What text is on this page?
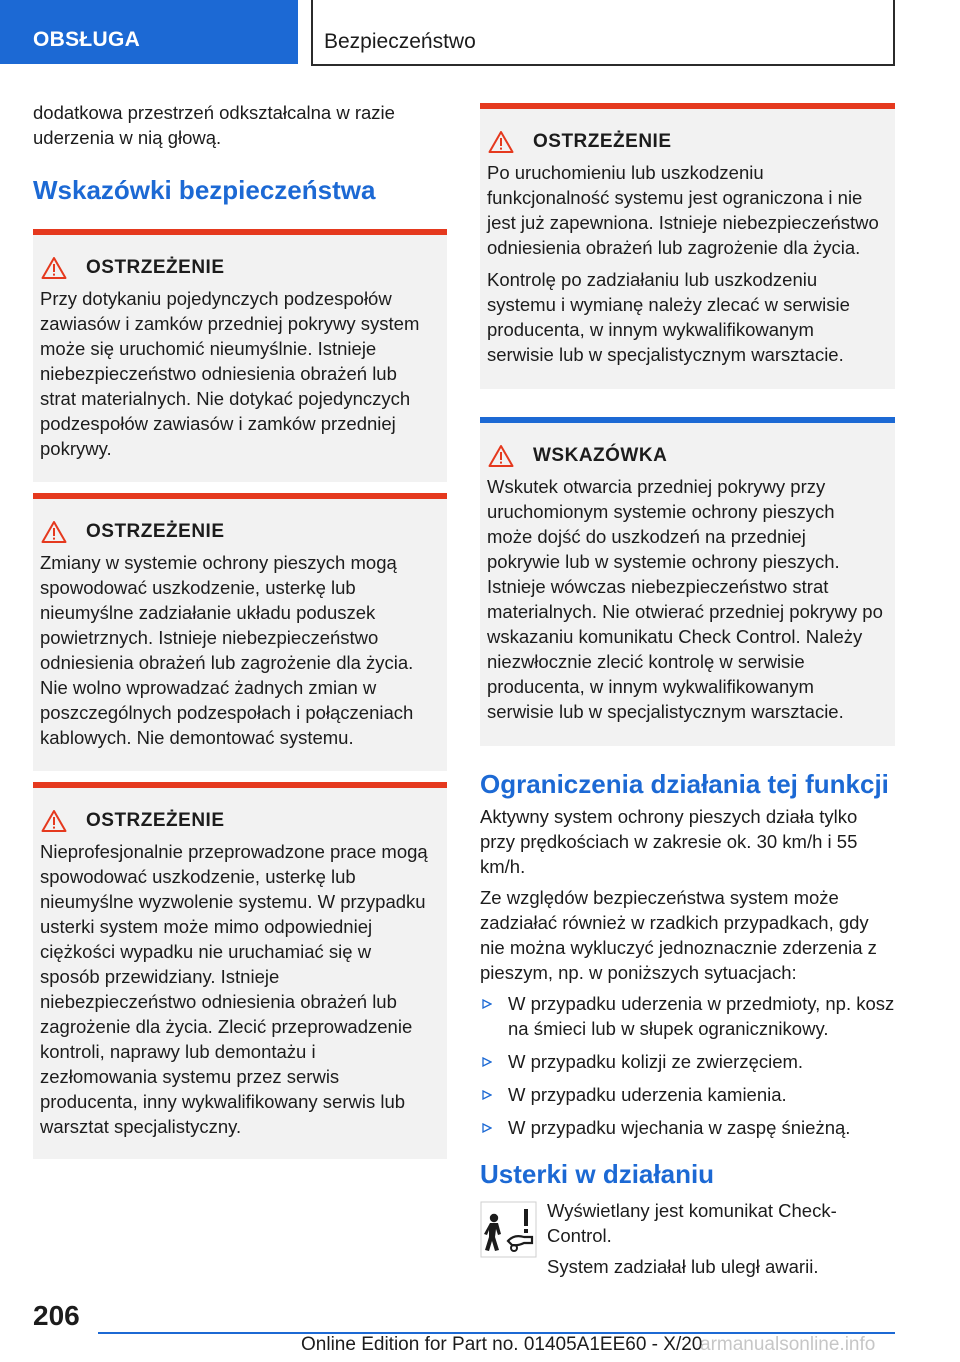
OBSŁUGA	Bezpieczeństwo

dodatkowa przestrzeń odkształcalna w razie uderzenia w nią głową.

Wskazówki bezpieczeństwa
OSTRZEŻENIE

Przy dotykaniu pojedynczych podzespołów zawiasów i zamków przedniej pokrywy system może się uruchomić nieumyślnie. Istnieje niebezpieczeństwo odniesienia obrażeń lub strat materialnych. Nie dotykać pojedynczych podzespołów zawiasów i zamków przedniej pokrywy.

OSTRZEŻENIE

Zmiany w systemie ochrony pieszych mogą spowodować uszkodzenie, usterkę lub nieumyślne zadziałanie układu poduszek powietrznych. Istnieje niebezpieczeństwo odniesienia obrażeń lub zagrożenie dla życia. Nie wolno wprowadzać żadnych zmian w poszczególnych podzespołach i połączeniach kablowych. Nie demontować systemu.

OSTRZEŻENIE

Nieprofesjonalnie przeprowadzone prace mogą spowodować uszkodzenie, usterkę lub nieumyślne wyzwolenie systemu. W przypadku usterki system może mimo odpowiedniej ciężkości wypadku nie uruchamiać się w sposób przewidziany. Istnieje niebezpieczeństwo odniesienia obrażeń lub zagrożenie dla życia. Zlecić przeprowadzenie kontroli, naprawy lub demontażu i zezłomowania systemu przez serwis producenta, inny wykwalifikowany serwis lub warsztat specjalistyczny.

OSTRZEŻENIE

Po uruchomieniu lub uszkodzeniu funkcjonalność systemu jest ograniczona i nie jest już zapewniona. Istnieje niebezpieczeństwo odniesienia obrażeń lub zagrożenie dla życia.

Kontrolę po zadziałaniu lub uszkodzeniu systemu i wymianę należy zlecać w serwisie producenta, w innym wykwalifikowanym serwisie lub w specjalistycznym warsztacie.

WSKAZÓWKA

Wskutek otwarcia przedniej pokrywy przy uruchomionym systemie ochrony pieszych może dojść do uszkodzeń na przedniej pokrywie lub w systemie ochrony pieszych. Istnieje wówczas niebezpieczeństwo strat materialnych. Nie otwierać przedniej pokrywy po wskazaniu komunikatu Check Control. Należy niezwłocznie zlecić kontrolę w serwisie producenta, w innym wykwalifikowanym serwisie lub w specjalistycznym warsztacie.

Ograniczenia działania tej funkcji

Aktywny system ochrony pieszych działa tylko przy prędkościach w zakresie ok. 30 km/h i 55 km/h.

Ze względów bezpieczeństwa system może zadziałać również w rzadkich przypadkach, gdy nie można wykluczyć jednoznacznie zderzenia z pieszym, np. w poniższych sytuacjach:

W przypadku uderzenia w przedmioty, np. kosz na śmieci lub w słupek ogranicznikowy.
W przypadku kolizji ze zwierzęciem.
W przypadku uderzenia kamienia.
W przypadku wjechania w zaspę śnieżną.
Usterki w działaniu

Wyświetlany jest komunikat Check-Control.

System zadziałał lub uległ awarii.

206
Online Edition for Part no. 01405A1EE60 - X/20
armanualsonline.info
